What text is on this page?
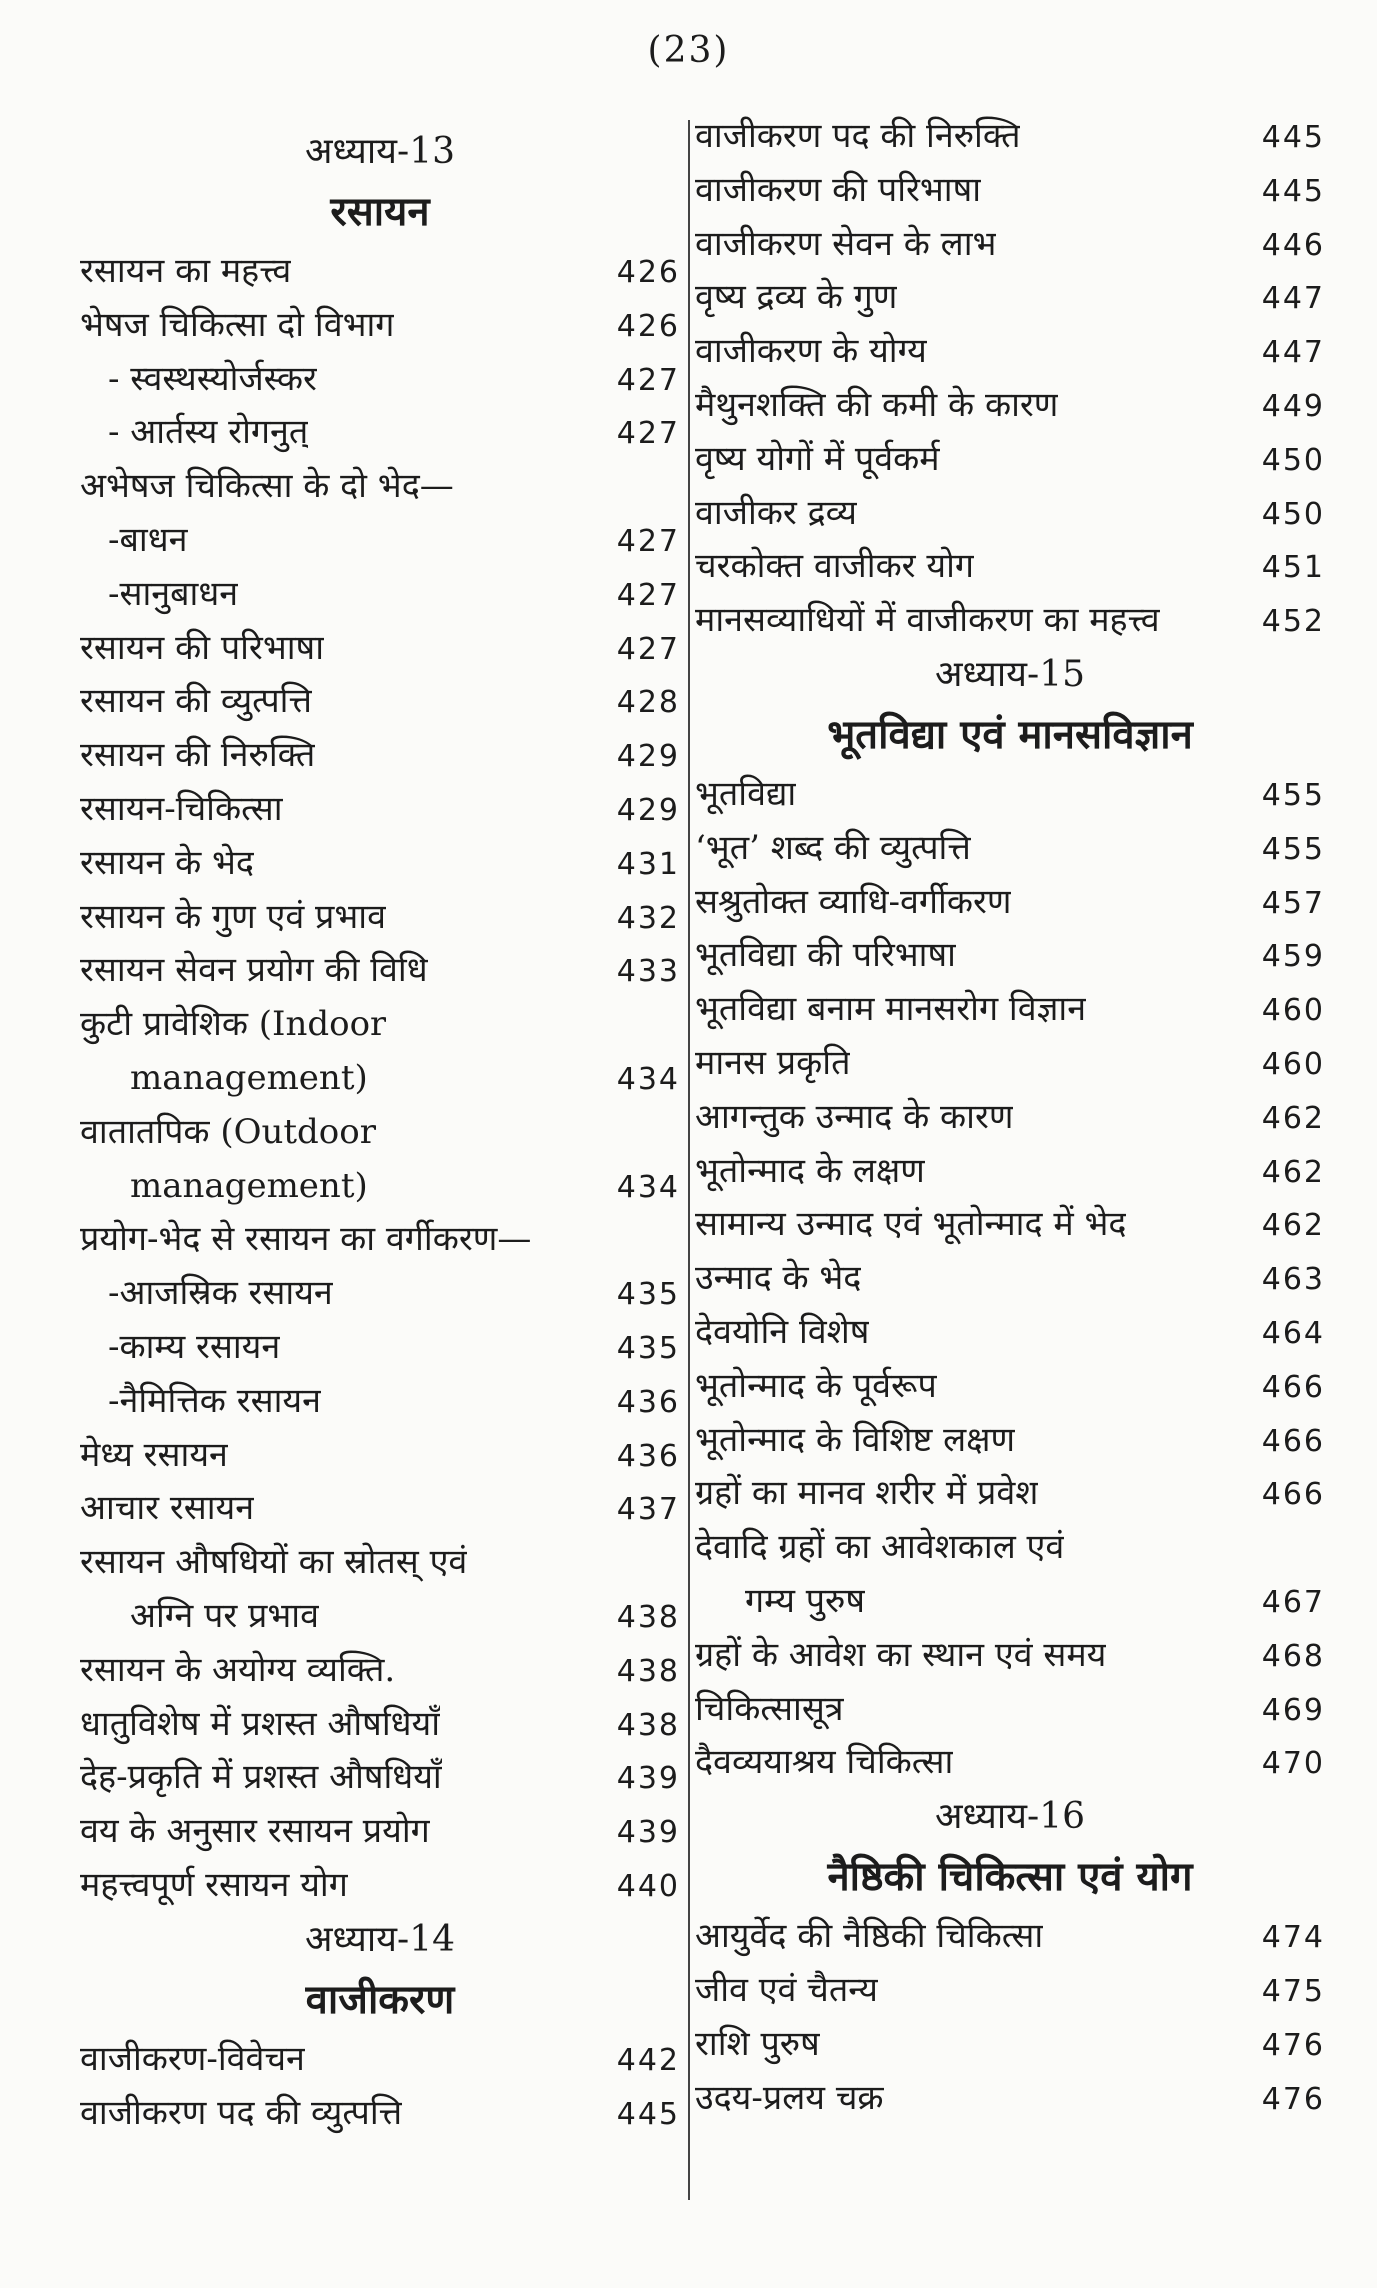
(23)
अध्याय-13
रसायन
रसायन का महत्त्व	426
भेषज चिकित्सा दो विभाग	426
- स्वस्थस्योर्जस्कर	427
- आर्तस्य रोगनुत्	427
अभेषज चिकित्सा के दो भेद—
-बाधन	427
-सानुबाधन	427
रसायन की परिभाषा	427
रसायन की व्युत्पत्ति	428
रसायन की निरुक्ति	429
रसायन-चिकित्सा	429
रसायन के भेद	431
रसायन के गुण एवं प्रभाव	432
रसायन सेवन प्रयोग की विधि	433
कुटी प्रावेशिक (Indoor
management)	434
वातातपिक (Outdoor
management)	434
प्रयोग-भेद से रसायन का वर्गीकरण—
-आजस्रिक रसायन	435
-काम्य रसायन	435
-नैमित्तिक रसायन	436
मेध्य रसायन	436
आचार रसायन	437
रसायन औषधियों का स्रोतस् एवं
अग्नि पर प्रभाव	438
रसायन के अयोग्य व्यक्ति.	438
धातुविशेष में प्रशस्त औषधियाँ	438
देह-प्रकृति में प्रशस्त औषधियाँ	439
वय के अनुसार रसायन प्रयोग	439
महत्त्वपूर्ण रसायन योग	440
अध्याय-14
वाजीकरण
वाजीकरण-विवेचन	442
वाजीकरण पद की व्युत्पत्ति	445
वाजीकरण पद की निरुक्ति	445
वाजीकरण की परिभाषा	445
वाजीकरण सेवन के लाभ	446
वृष्य द्रव्य के गुण	447
वाजीकरण के योग्य	447
मैथुनशक्ति की कमी के कारण	449
वृष्य योगों में पूर्वकर्म	450
वाजीकर द्रव्य	450
चरकोक्त वाजीकर योग	451
मानसव्याधियों में वाजीकरण का महत्त्व	452
अध्याय-15
भूतविद्या एवं मानसविज्ञान
भूतविद्या	455
‘भूत’ शब्द की व्युत्पत्ति	455
सश्रुतोक्त व्याधि-वर्गीकरण	457
भूतविद्या की परिभाषा	459
भूतविद्या बनाम मानसरोग विज्ञान	460
मानस प्रकृति	460
आगन्तुक उन्माद के कारण	462
भूतोन्माद के लक्षण	462
सामान्य उन्माद एवं भूतोन्माद में भेद	462
उन्माद के भेद	463
देवयोनि विशेष	464
भूतोन्माद के पूर्वरूप	466
भूतोन्माद के विशिष्ट लक्षण	466
ग्रहों का मानव शरीर में प्रवेश	466
देवादि ग्रहों का आवेशकाल एवं
गम्य पुरुष	467
ग्रहों के आवेश का स्थान एवं समय	468
चिकित्सासूत्र	469
दैवव्ययाश्रय चिकित्सा	470
अध्याय-16
नैष्ठिकी चिकित्सा एवं योग
आयुर्वेद की नैष्ठिकी चिकित्सा	474
जीव एवं चैतन्य	475
राशि पुरुष	476
उदय-प्रलय चक्र	476
